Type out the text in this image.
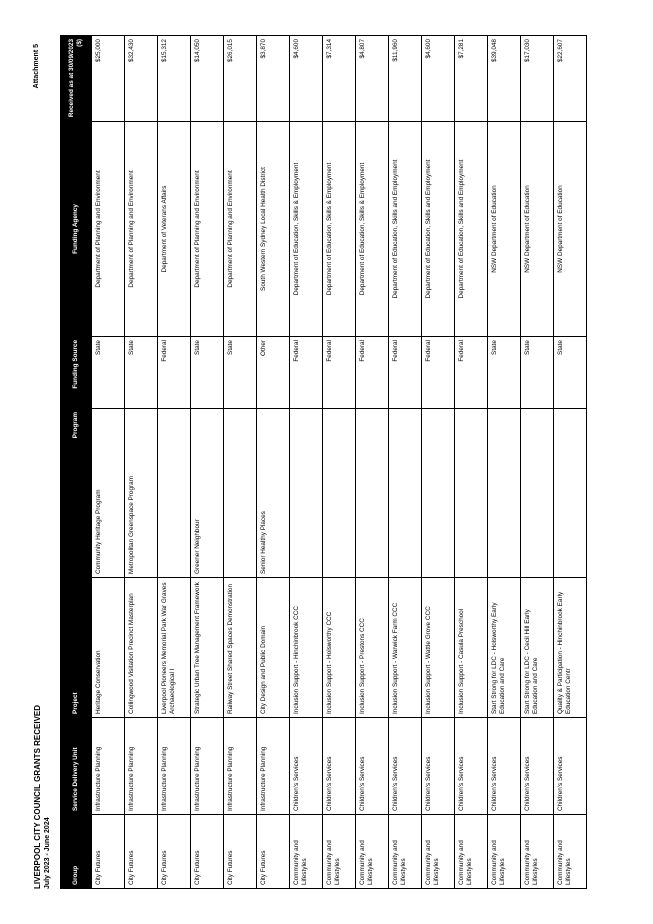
LIVERPOOL CITY COUNCIL GRANTS RECEIVED July 2023 - June 2024
Attachment 5
Group	Service Delivery Unit	Project	Program	Funding Source	Funding Agency	Received as at 30/09/2023 ($)
City Futures	Infrastructure Planning	Heritage Conservation	Community Heritage Program	State	Department of Planning and Environment	$25,000
City Futures	Infrastructure Planning	Collingwood Visitation Precinct Masterplan	Metropolitan Greenspace Program	State	Department of Planning and Environment	$32,430
City Futures	Infrastructure Planning	Liverpool Pioneers Memorial Park War Graves Archaeological I		Federal	Department of Veterans Affairs	$15,312
City Futures	Infrastructure Planning	Strategic Urban Tree Management Framework	Greener Neighbour	State	Department of Planning and Environment	$14,050
City Futures	Infrastructure Planning	Railway Street Shared Spaces Demonstration		State	Department of Planning and Environment	$26,015
City Futures	Infrastructure Planning	City Design and Public Domain	Senior Healthy Places	Other	South Western Sydney Local Health District	$3,870
Community and Lifestyles	Children's Services	Inclusion Support - Hinchinbrook CCC		Federal	Department of Education, Skills & Employment	$4,600
Community and Lifestyles	Children's Services	Inclusion Support - Holsworthy CCC		Federal	Department of Education, Skills & Employment	$7,314
Community and Lifestyles	Children's Services	Inclusion Support - Prestons CCC		Federal	Department of Education, Skills & Employment	$4,807
Community and Lifestyles	Children's Services	Inclusion Support - Warwick Farm CCC		Federal	Department of Education, Skills and Employment	$11,960
Community and Lifestyles	Children's Services	Inclusion Support - Wattle Grove CCC		Federal	Department of Education, Skills and Employment	$4,600
Community and Lifestyles	Children's Services	Inclusion Support - Casula Preschool		Federal	Department of Education, Skills and Employment	$7,281
Community and Lifestyles	Children's Services	Start Strong for LDC - Holsworthy Early Education and Care		State	NSW Department of Education	$39,048
Community and Lifestyles	Children's Services	Start Strong for LDC - Cecil Hill Early Education and Care		State	NSW Department of Education	$17,030
Community and Lifestyles	Children's Services	Quality & Participation - Hinchinbrook Early Education Centr		State	NSW Department of Education	$22,607
